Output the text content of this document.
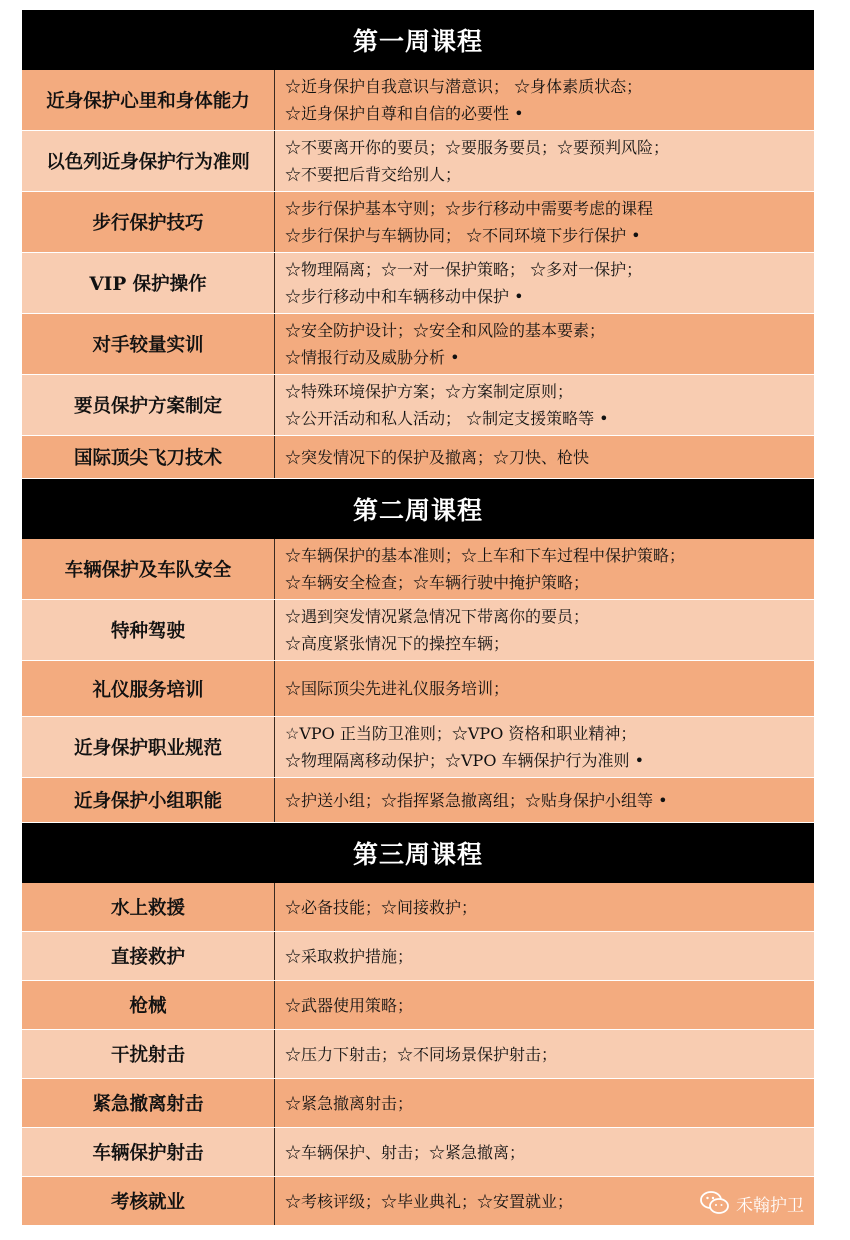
第一周课程
近身保护心里和身体能力
☆近身保护自我意识与潜意识； ☆身体素质状态；
☆近身保护自尊和自信的必要性 •
以色列近身保护行为准则
☆不要离开你的要员；☆要服务要员；☆要预判风险；
☆不要把后背交给别人；
步行保护技巧
☆步行保护基本守则；☆步行移动中需要考虑的课程
☆步行保护与车辆协同； ☆不同环境下步行保护 •
VIP 保护操作
☆物理隔离；☆一对一保护策略； ☆多对一保护；
☆步行移动中和车辆移动中保护 •
对手较量实训
☆安全防护设计；☆安全和风险的基本要素；
☆情报行动及威胁分析 •
要员保护方案制定
☆特殊环境保护方案；☆方案制定原则；
☆公开活动和私人活动； ☆制定支援策略等 •
国际顶尖飞刀技术	☆突发情况下的保护及撤离；☆刀快、枪快
第二周课程
车辆保护及车队安全
☆车辆保护的基本准则；☆上车和下车过程中保护策略；
☆车辆安全检查；☆车辆行驶中掩护策略；
特种驾驶
☆遇到突发情况紧急情况下带离你的要员；
☆高度紧张情况下的操控车辆；
礼仪服务培训	☆国际顶尖先进礼仪服务培训；
近身保护职业规范
☆VPO 正当防卫准则；☆VPO 资格和职业精神；
☆物理隔离移动保护；☆VPO 车辆保护行为准则 •
近身保护小组职能	☆护送小组；☆指挥紧急撤离组；☆贴身保护小组等 •
第三周课程
水上救援	☆必备技能；☆间接救护；
直接救护	☆采取救护措施；
枪械	☆武器使用策略；
干扰射击	☆压力下射击；☆不同场景保护射击；
紧急撤离射击	☆紧急撤离射击；
车辆保护射击	☆车辆保护、射击；☆紧急撤离；
考核就业	☆考核评级；☆毕业典礼；☆安置就业；	禾翰护卫
